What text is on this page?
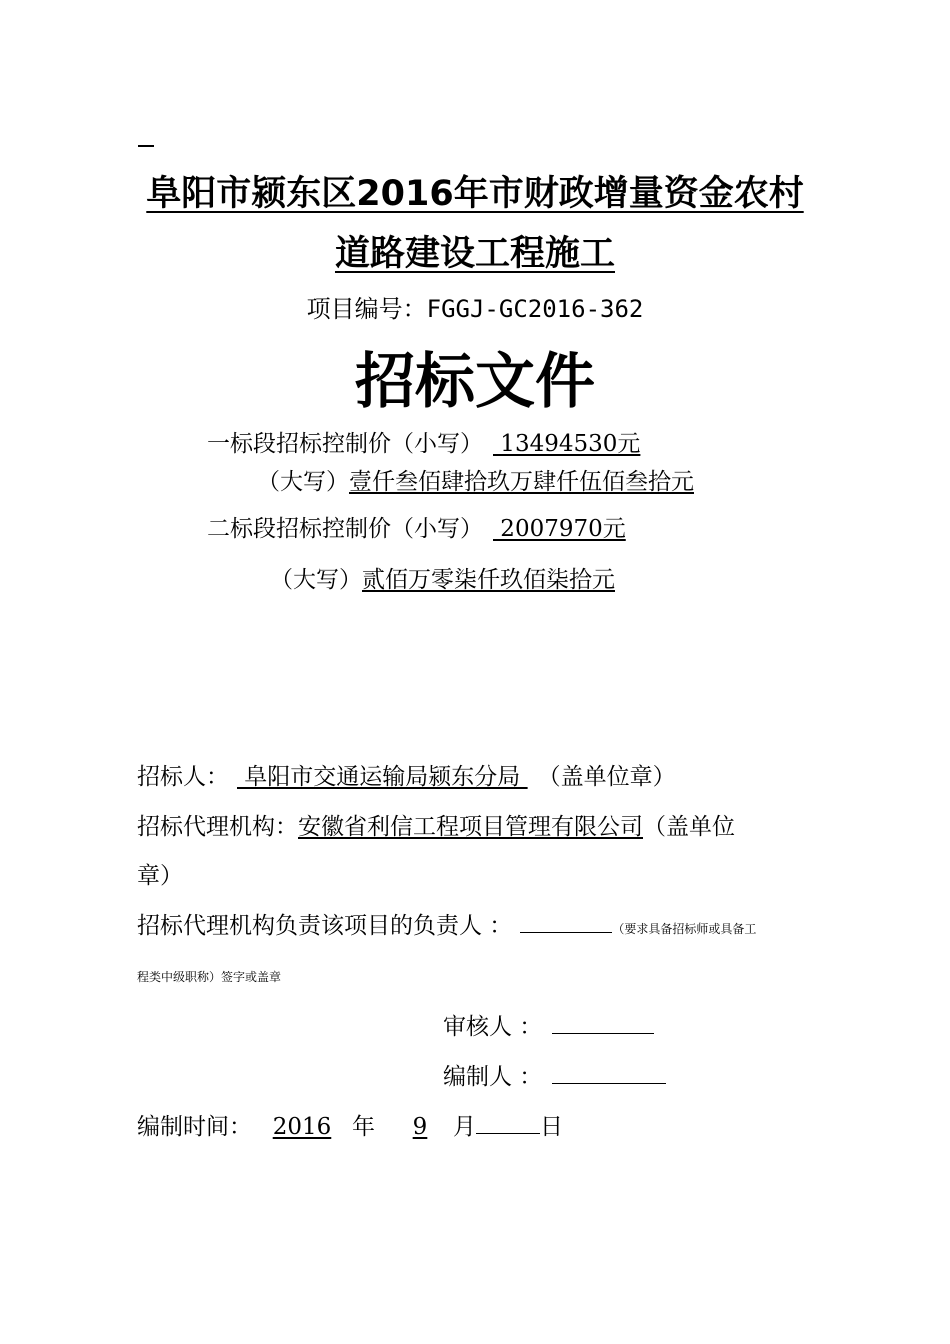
阜阳市颍东区2016年市财政增量资金农村
道路建设工程施工
项目编号：FGGJ-GC2016-362
招标文件
一标段招标控制价（小写） 13494530元
（大写）壹仟叁佰肆拾玖万肆仟伍佰叁拾元
二标段招标控制价（小写） 2007970元
（大写）贰佰万零柒仟玖佰柒拾元
招标人： 阜阳市交通运输局颍东分局 （盖单位章）
招标代理机构：安徽省利信工程项目管理有限公司（盖单位
章）
招标代理机构负责该项目的负责人 ：	（要求具备招标师或具备工
程类中级职称）签字或盖章
审核人 ：
编制人 ：
编制时间： 2016 年 9 月	日
